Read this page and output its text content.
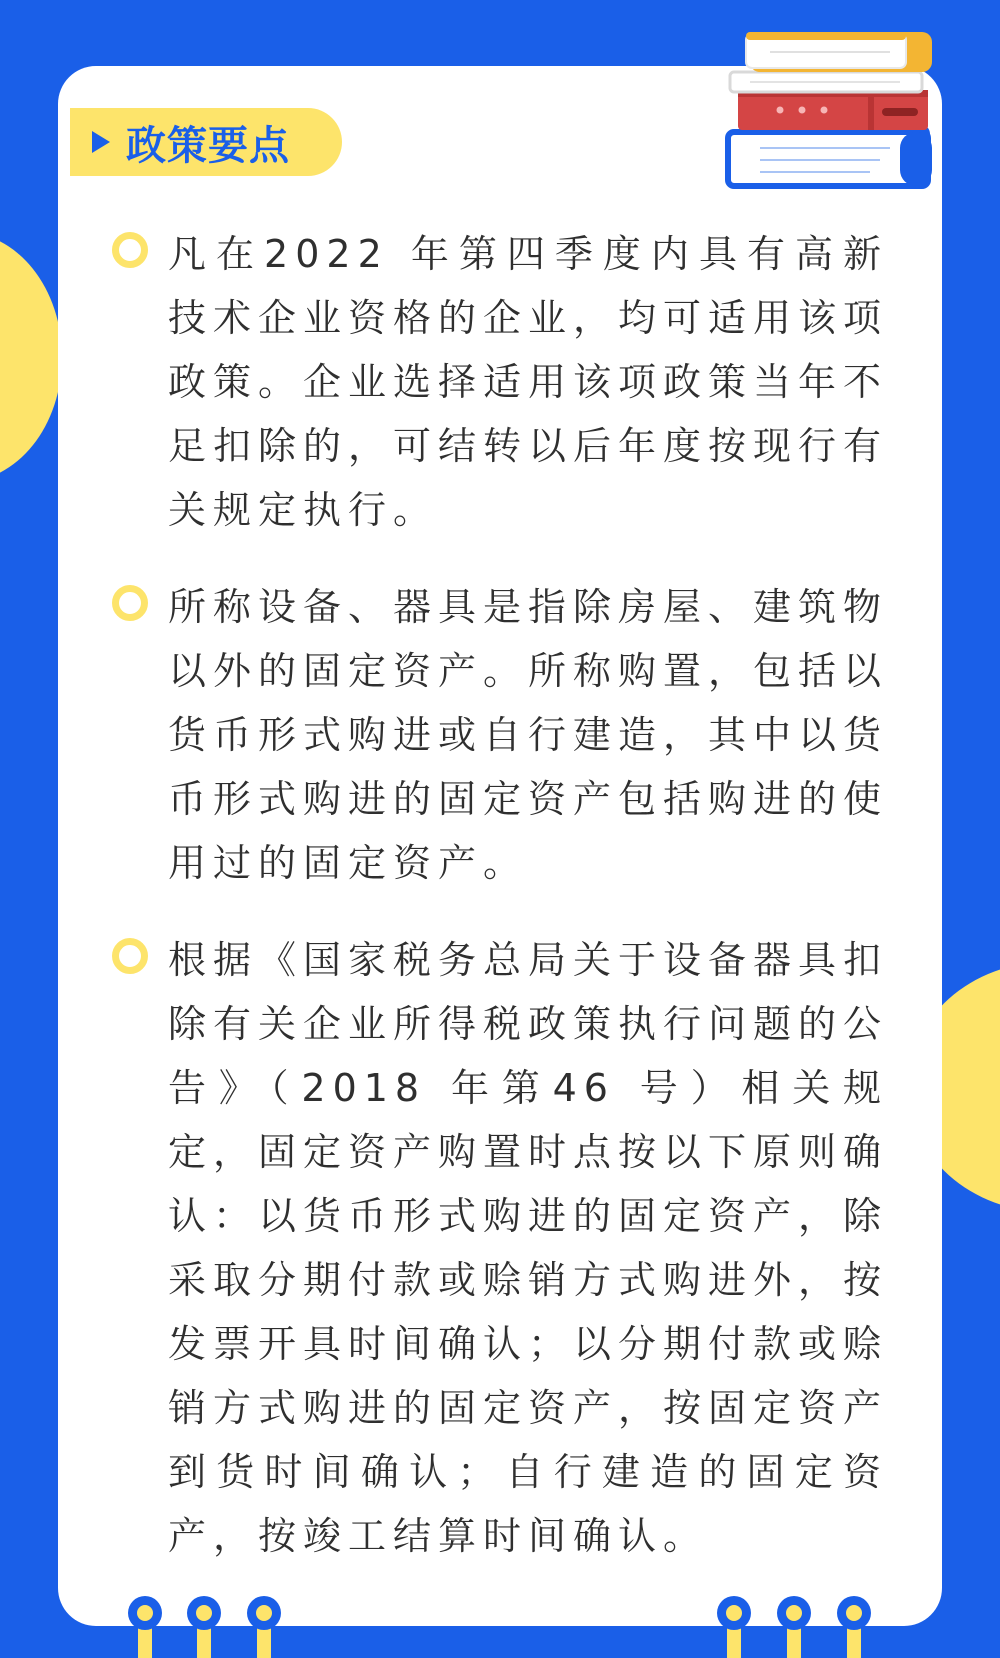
政策要点

凡在2022 年第四季度内具有高新技术企业资格的企业，均可适用该项政策。企业选择适用该项政策当年不足扣除的，可结转以后年度按现行有关规定执行。

所称设备、器具是指除房屋、建筑物以外的固定资产。所称购置，包括以货币形式购进或自行建造，其中以货币形式购进的固定资产包括购进的使用过的固定资产。

根据《国家税务总局关于设备器具扣除有关企业所得税政策执行问题的公告》（2018 年第46 号）相关规定，固定资产购置时点按以下原则确认：以货币形式购进的固定资产，除采取分期付款或赊销方式购进外，按发票开具时间确认；以分期付款或赊销方式购进的固定资产，按固定资产到货时间确认；自行建造的固定资产，按竣工结算时间确认。
